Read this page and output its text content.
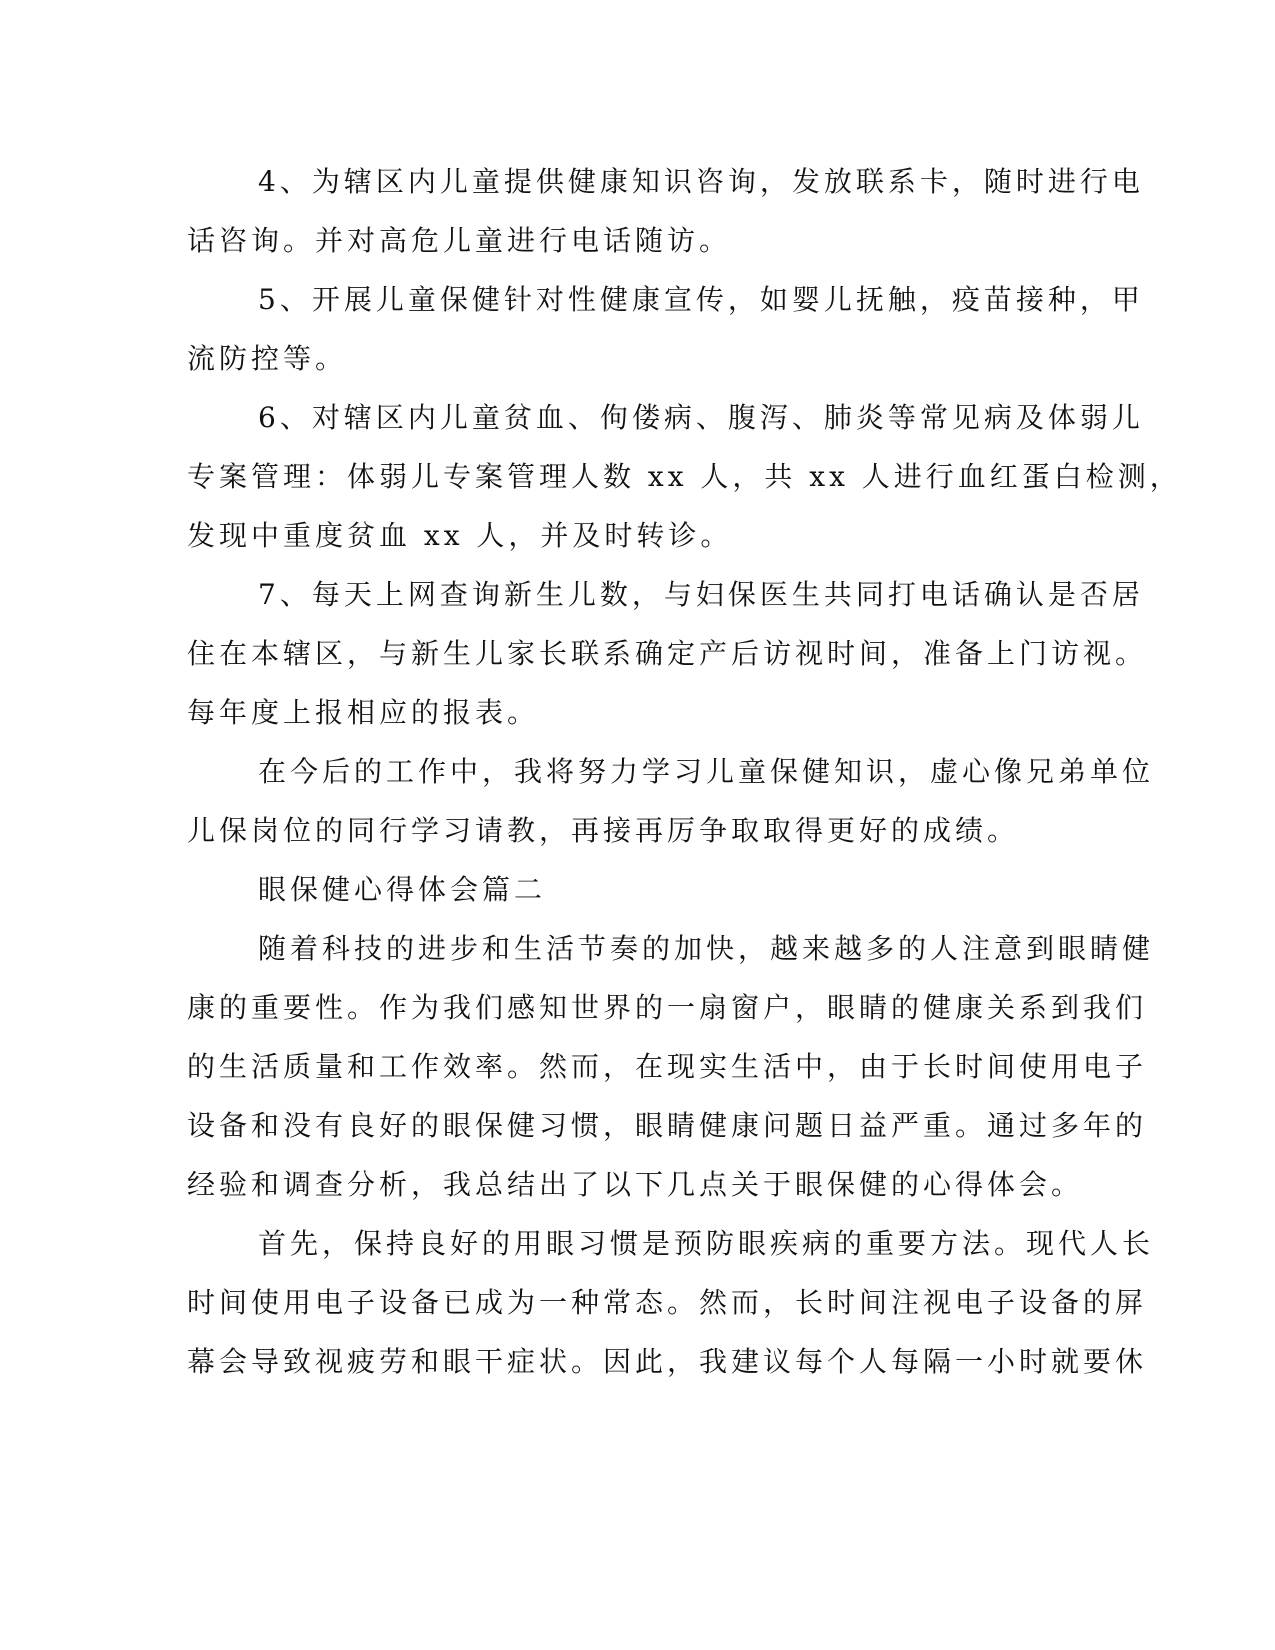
4、为辖区内儿童提供健康知识咨询，发放联系卡，随时进行电
话咨询。并对高危儿童进行电话随访。
5、开展儿童保健针对性健康宣传，如婴儿抚触，疫苗接种，甲
流防控等。
6、对辖区内儿童贫血、佝偻病、腹泻、肺炎等常见病及体弱儿
专案管理：体弱儿专案管理人数 xx 人，共 xx 人进行血红蛋白检测，
发现中重度贫血 xx 人，并及时转诊。
7、每天上网查询新生儿数，与妇保医生共同打电话确认是否居
住在本辖区，与新生儿家长联系确定产后访视时间，准备上门访视。
每年度上报相应的报表。
在今后的工作中，我将努力学习儿童保健知识，虚心像兄弟单位
儿保岗位的同行学习请教，再接再厉争取取得更好的成绩。
眼保健心得体会篇二
随着科技的进步和生活节奏的加快，越来越多的人注意到眼睛健
康的重要性。作为我们感知世界的一扇窗户，眼睛的健康关系到我们
的生活质量和工作效率。然而，在现实生活中，由于长时间使用电子
设备和没有良好的眼保健习惯，眼睛健康问题日益严重。通过多年的
经验和调查分析，我总结出了以下几点关于眼保健的心得体会。
首先，保持良好的用眼习惯是预防眼疾病的重要方法。现代人长
时间使用电子设备已成为一种常态。然而，长时间注视电子设备的屏
幕会导致视疲劳和眼干症状。因此，我建议每个人每隔一小时就要休
